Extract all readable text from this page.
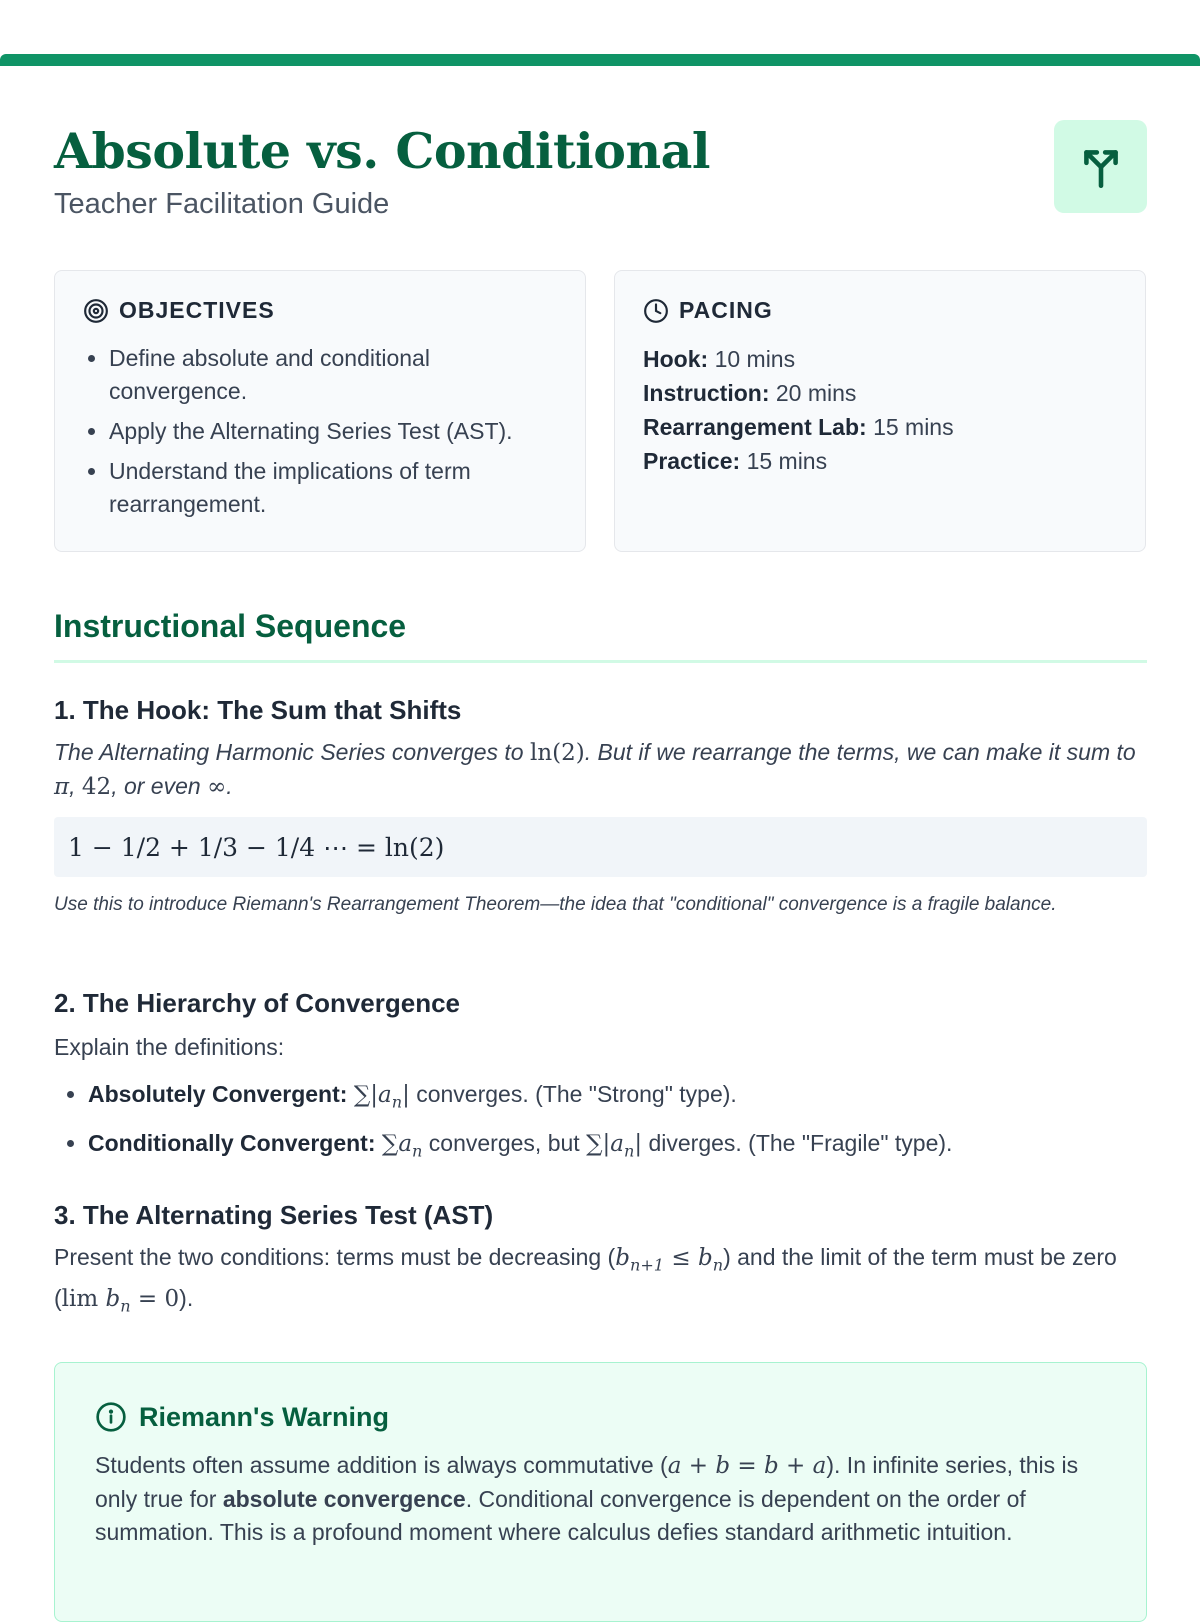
Absolute vs. Conditional
Teacher Facilitation Guide
OBJECTIVES
• Define absolute and conditional convergence.
• Apply the Alternating Series Test (AST).
• Understand the implications of term rearrangement.
PACING
Hook: 10 mins
Instruction: 20 mins
Rearrangement Lab: 15 mins
Practice: 15 mins
Instructional Sequence
1. The Hook: The Sum that Shifts
The Alternating Harmonic Series converges to ln(2). But if we rearrange the terms, we can make it sum to π, 42, or even ∞.
1 − 1/2 + 1/3 − 1/4 ⋯ = ln(2)
Use this to introduce Riemann's Rearrangement Theorem—the idea that "conditional" convergence is a fragile balance.
2. The Hierarchy of Convergence
Explain the definitions:
• Absolutely Convergent: $\sum|a_n|$ converges. (The "Strong" type).
• Conditionally Convergent: $\sum a_n$ converges, but $\sum|a_n|$ diverges. (The "Fragile" type).
3. The Alternating Series Test (AST)
Present the two conditions: terms must be decreasing $(b_{n+1} \le b_n)$ and the limit of the term must be zero (lim $b_n = 0$).
Riemann's Warning
Students often assume addition is always commutative (a + b = b + a). In infinite series, this is only true for absolute convergence. Conditional convergence is dependent on the order of summation. This is a profound moment where calculus defies standard arithmetic intuition.
